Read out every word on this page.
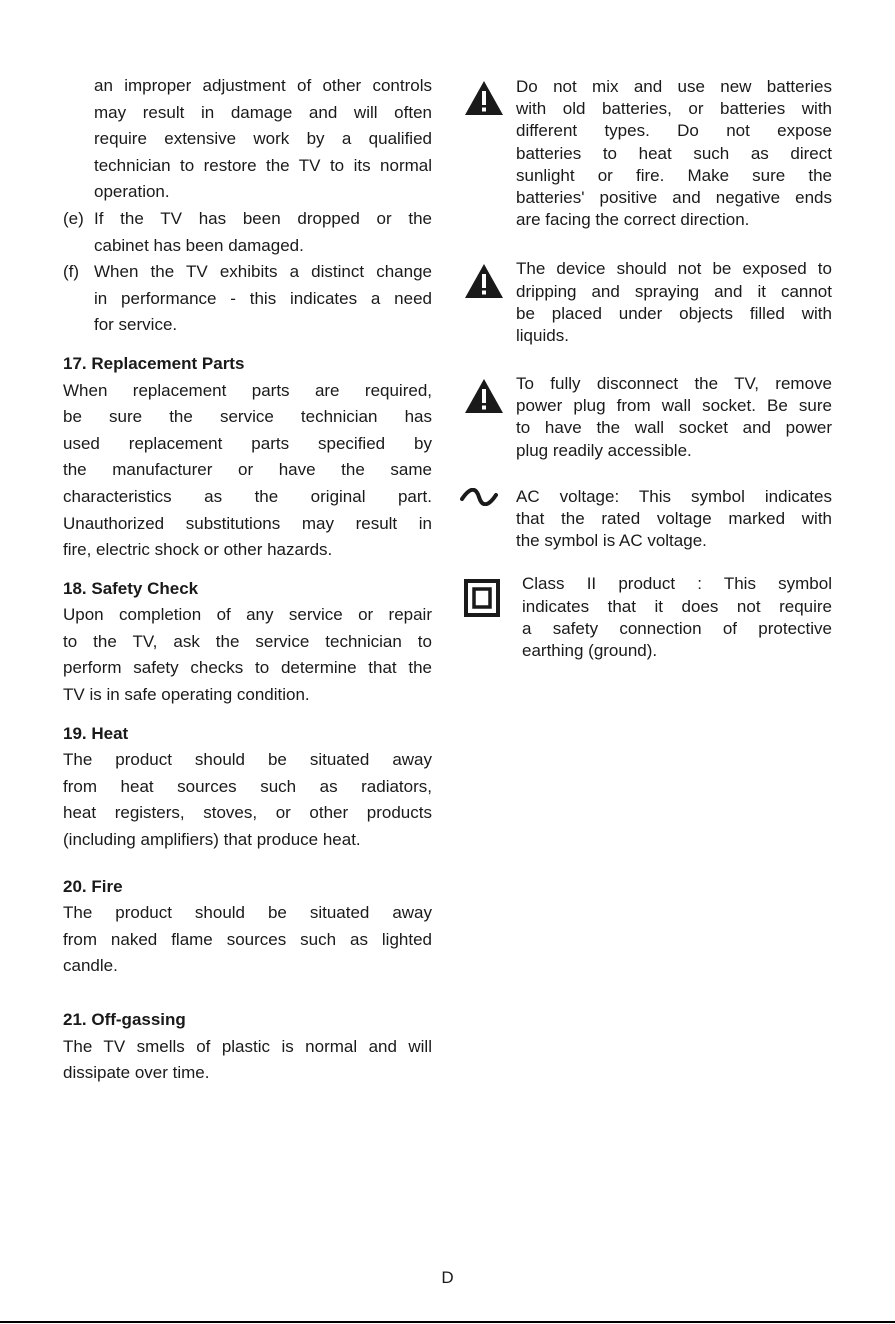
an improper adjustment of other controls
may result in damage and will often
require extensive work by a qualified
technician to restore the TV to its normal
operation.
(e) If the TV has been dropped or the
cabinet has been damaged.
(f) When the TV exhibits a distinct change
in performance - this indicates a need
for service.
17. Replacement Parts
When replacement parts are required,
be sure the service technician has
used replacement parts specified by
the manufacturer or have the same
characteristics as the original part.
Unauthorized substitutions may result in
fire, electric shock or other hazards.
18. Safety Check
Upon completion of any service or repair
to the TV, ask the service technician to
perform safety checks to determine that the
TV is in safe operating condition.
19. Heat
The product should be situated away
from heat sources such as radiators,
heat registers, stoves, or other products
(including amplifiers) that produce heat.
20. Fire
The product should be situated away
from naked flame sources such as lighted
candle.
21. Off-gassing
The TV smells of plastic is normal and will
dissipate over time.
Do not mix and use new batteries
with old batteries, or batteries with
different types. Do not expose
batteries to heat such as direct
sunlight or fire. Make sure the
batteries' positive and negative ends
are facing the correct direction.
The device should not be exposed to
dripping and spraying and it cannot
be placed under objects filled with
liquids.
To fully disconnect the TV, remove
power plug from wall socket. Be sure
to have the wall socket and power
plug readily accessible.
AC voltage: This symbol indicates
that the rated voltage marked with
the symbol is AC voltage.
Class II product : This symbol
indicates that it does not require
a safety connection of protective
earthing (ground).
D
